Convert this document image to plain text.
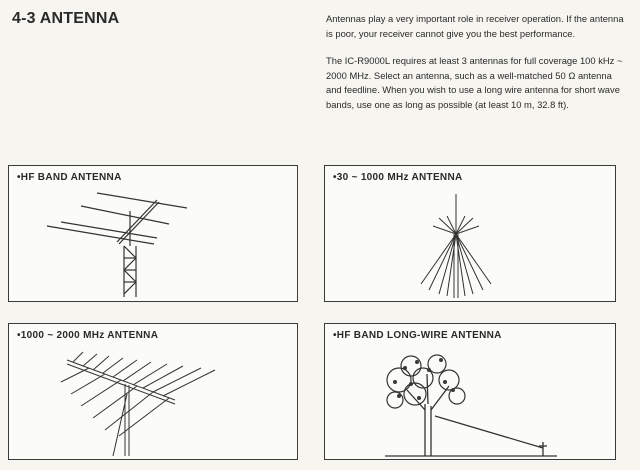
4-3 ANTENNA	Antennas play a very important role in receiver operation. If the antenna is poor, your receiver cannot give you the best performance.

The IC-R9000L requires at least 3 antennas for full coverage 100 kHz ~ 2000 MHz. Select an antenna, such as a well-matched 50 Ω antenna and feedline. When you wish to use a long wire antenna for short wave bands, use one as long as possible (at least 10 m, 32.8 ft).

•HF BAND ANTENNA	•30 ~ 1000 MHz ANTENNA
•1000 ~ 2000 MHz ANTENNA	•HF BAND LONG-WIRE ANTENNA
